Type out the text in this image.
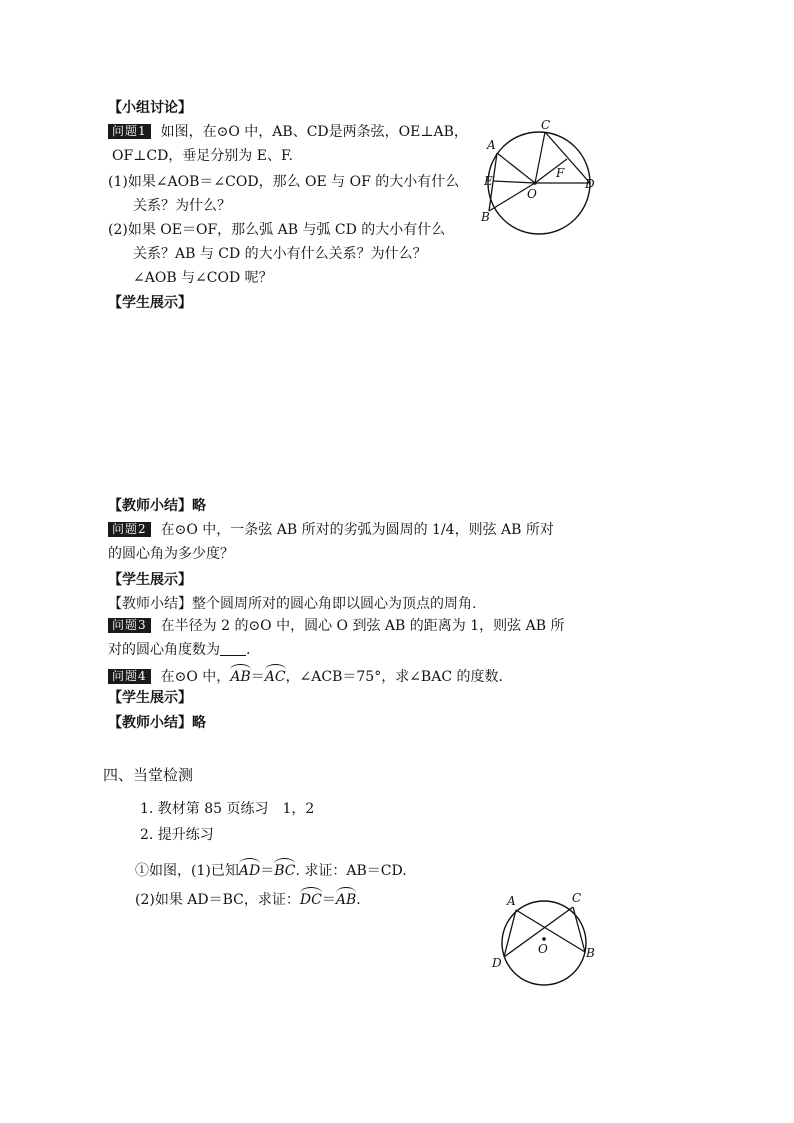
【小组讨论】
问题1 如图，在⊙O 中，AB、CD是两条弦，OE⊥AB，
OF⊥CD，垂足分别为 E、F.
(1)如果∠AOB＝∠COD，那么 OE 与 OF 的大小有什么
关系？为什么？
(2)如果 OE＝OF，那么弧 AB 与弧 CD 的大小有什么
关系？AB 与 CD 的大小有什么关系？为什么？
∠AOB 与∠COD 呢？
【学生展示】
A
B
C
D
E
F
O
【教师小结】略
问题2 在⊙O 中，一条弦 AB 所对的劣弧为圆周的 1/4，则弦 AB 所对
的圆心角为多少度？
【学生展示】
【教师小结】整个圆周所对的圆心角即以圆心为顶点的周角.
问题3 在半径为 2 的⊙O 中，圆心 O 到弦 AB 的距离为 1，则弦 AB 所
对的圆心角度数为 .
问题4 在⊙O 中，AB＝AC，∠ACB＝75°，求∠BAC 的度数.
【学生展示】
【教师小结】略
四、当堂检测
1. 教材第 85 页练习　1，2
2. 提升练习
①如图，(1)已知AD＝BC. 求证：AB＝CD.
(2)如果 AD＝BC，求证：DC＝AB.	A	C
D
B
O
